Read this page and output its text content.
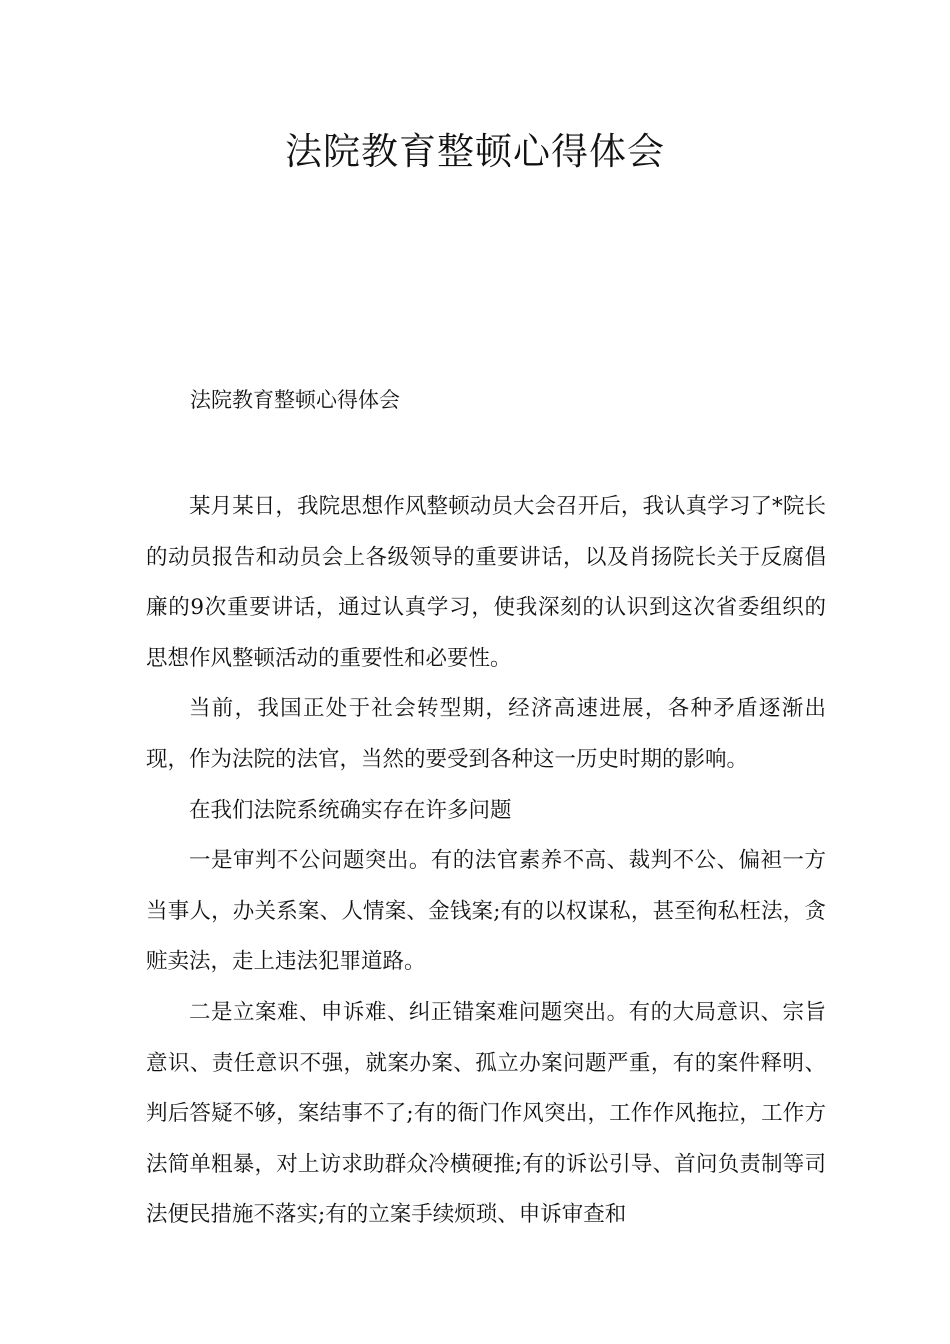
法院教育整顿心得体会

法院教育整顿心得体会

某月某日，我院思想作风整顿动员大会召开后，我认真学习了*院长的动员报告和动员会上各级领导的重要讲话，以及肖扬院长关于反腐倡廉的9次重要讲话，通过认真学习，使我深刻的认识到这次省委组织的思想作风整顿活动的重要性和必要性。

当前，我国正处于社会转型期，经济高速进展，各种矛盾逐渐出现，作为法院的法官，当然的要受到各种这一历史时期的影响。

在我们法院系统确实存在许多问题

一是审判不公问题突出。有的法官素养不高、裁判不公、偏袒一方当事人，办关系案、人情案、金钱案;有的以权谋私，甚至徇私枉法，贪赃卖法，走上违法犯罪道路。

二是立案难、申诉难、纠正错案难问题突出。有的大局意识、宗旨意识、责任意识不强，就案办案、孤立办案问题严重，有的案件释明、判后答疑不够，案结事不了;有的衙门作风突出，工作作风拖拉，工作方法简单粗暴，对上访求助群众冷横硬推;有的诉讼引导、首问负责制等司法便民措施不落实;有的立案手续烦琐、申诉审查和
